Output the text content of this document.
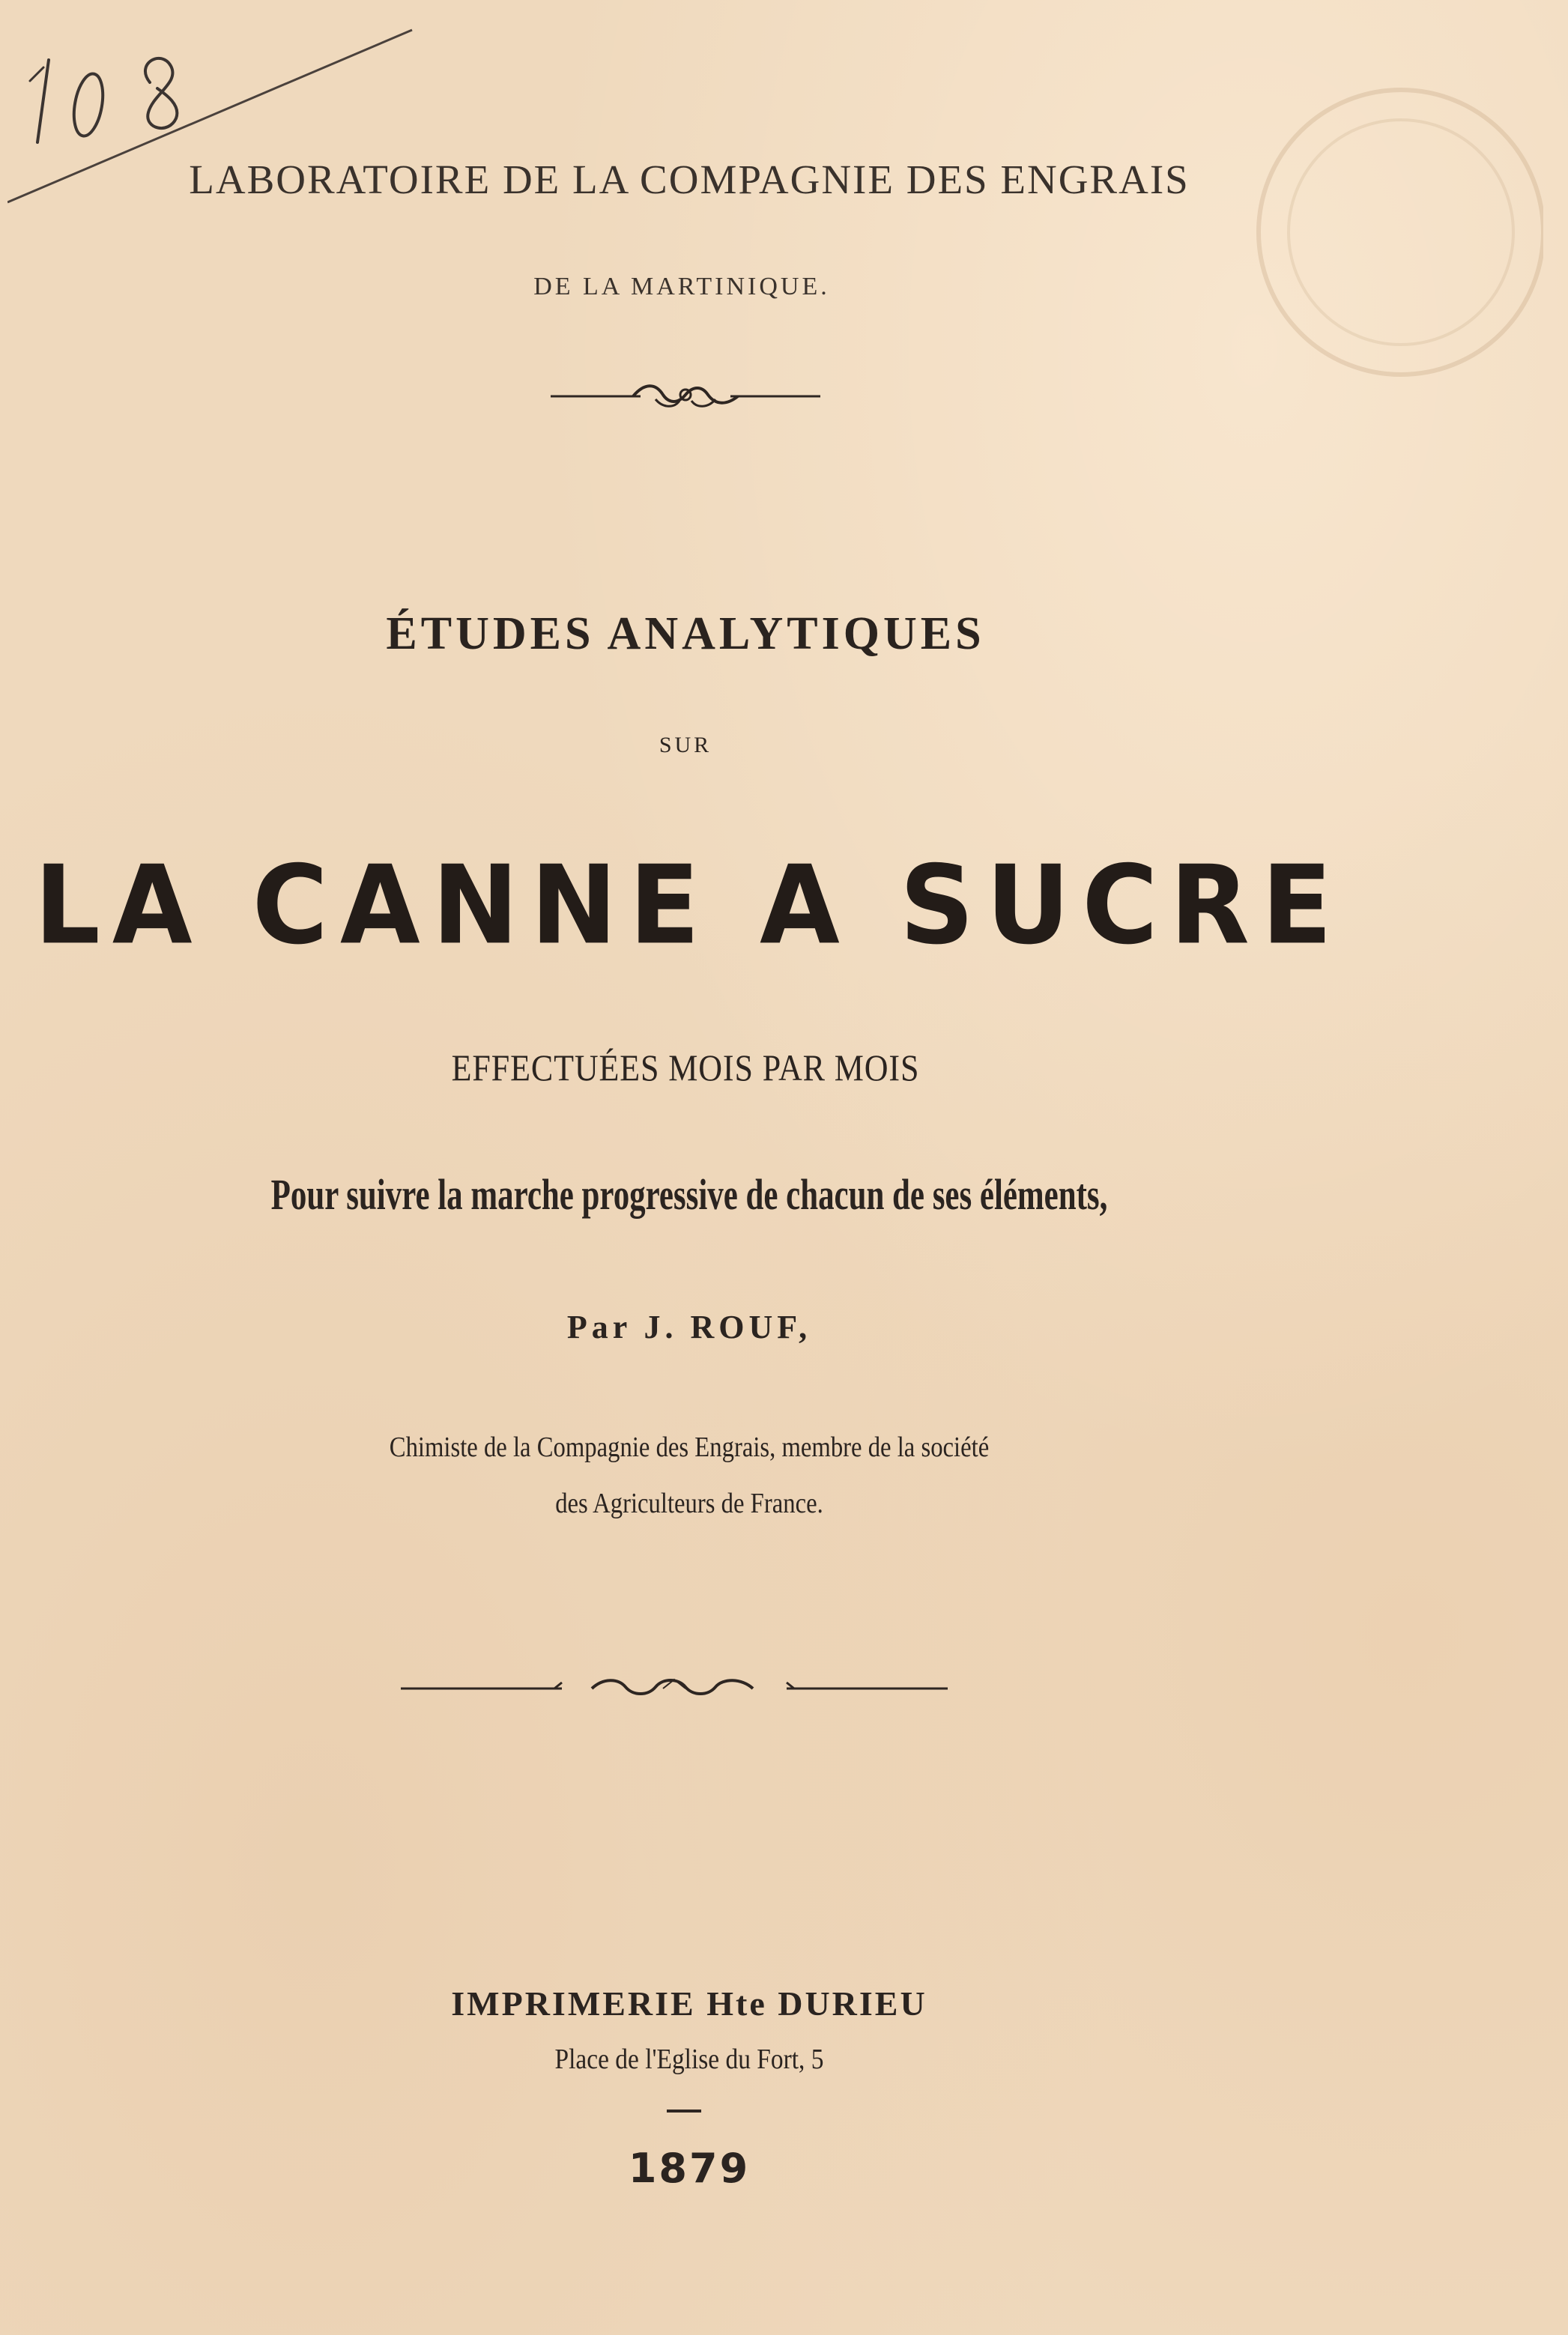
LABORATOIRE DE LA COMPAGNIE DES ENGRAIS

DE LA MARTINIQUE.

ÉTUDES ANALYTIQUES

SUR

LA CANNE A SUCRE

EFFECTUÉES MOIS PAR MOIS

Pour suivre la marche progressive de chacun de ses éléments,

Par J. ROUF,

Chimiste de la Compagnie des Engrais, membre de la société

des Agriculteurs de France.

IMPRIMERIE Hte DURIEU

Place de l'Eglise du Fort, 5

1879
